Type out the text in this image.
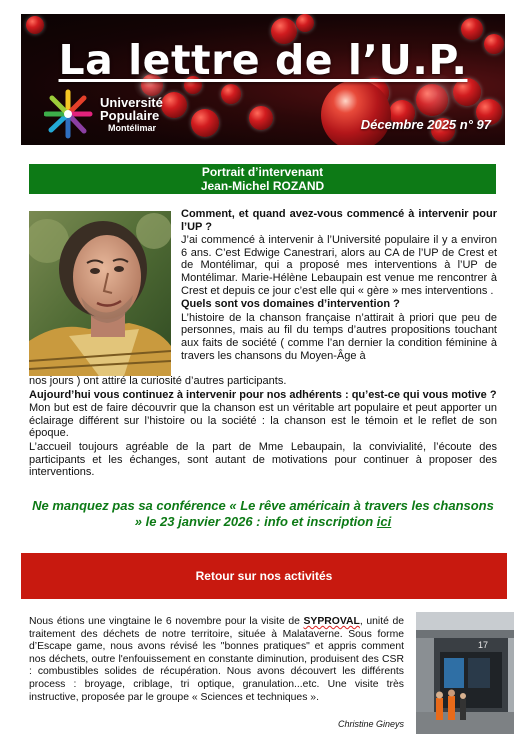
La lettre de l’U.P.
Université
Populaire
Montélimar	Décembre 2025 n° 97
Portrait d’intervenant
Jean-Michel ROZAND

Comment, et quand avez-vous commencé à intervenir pour l’UP ?

J’ai commencé à intervenir à l’Université populaire il y a environ 6 ans. C’est Edwige Canestrari, alors au CA de l’UP de Crest et de Montélimar, qui a proposé mes interventions à l’UP de Montélimar. Marie-Hélène Lebaupain est venue me rencontrer à Crest et depuis ce jour c’est elle qui « gère » mes interventions .

Quels sont vos domaines d’intervention ?

L’histoire de la chanson française n’attirait à priori que peu de personnes, mais au fil du temps d’autres propositions touchant aux faits de société ( comme l’an dernier la condition féminine à travers les chansons du Moyen-Âge à

nos jours ) ont attiré la curiosité d’autres participants.

Aujourd’hui vous continuez à intervenir pour nos adhérents : qu’est-ce qui vous motive ?

Mon but est de faire découvrir que la chanson est un véritable art populaire et peut apporter un éclairage différent sur l’histoire ou la société : la chanson est le témoin et le reflet de son époque.

L’accueil toujours agréable de la part de Mme Lebaupain, la convivialité, l’écoute des participants et les échanges, sont autant de motivations pour continuer à proposer des interventions.

Ne manquez pas sa conférence « Le rêve américain à travers les chansons » le 23 janvier 2026 : info et inscription ici
Retour sur nos activités
Nous étions une vingtaine le 6 novembre pour la visite de SYPROVAL, unité de traitement des déchets de notre territoire, située à Malataverne. Sous forme d’Escape game, nous avons révisé les "bonnes pratiques" et appris comment nos déchets, outre l'enfouissement en constante diminution, produisent des CSR : combustibles solides de récupération. Nous avons découvert les différents process : broyage, criblage, tri optique, granulation...etc. Une visite très instructive, proposée par le groupe « Sciences et techniques ».
Christine Gineys
17
